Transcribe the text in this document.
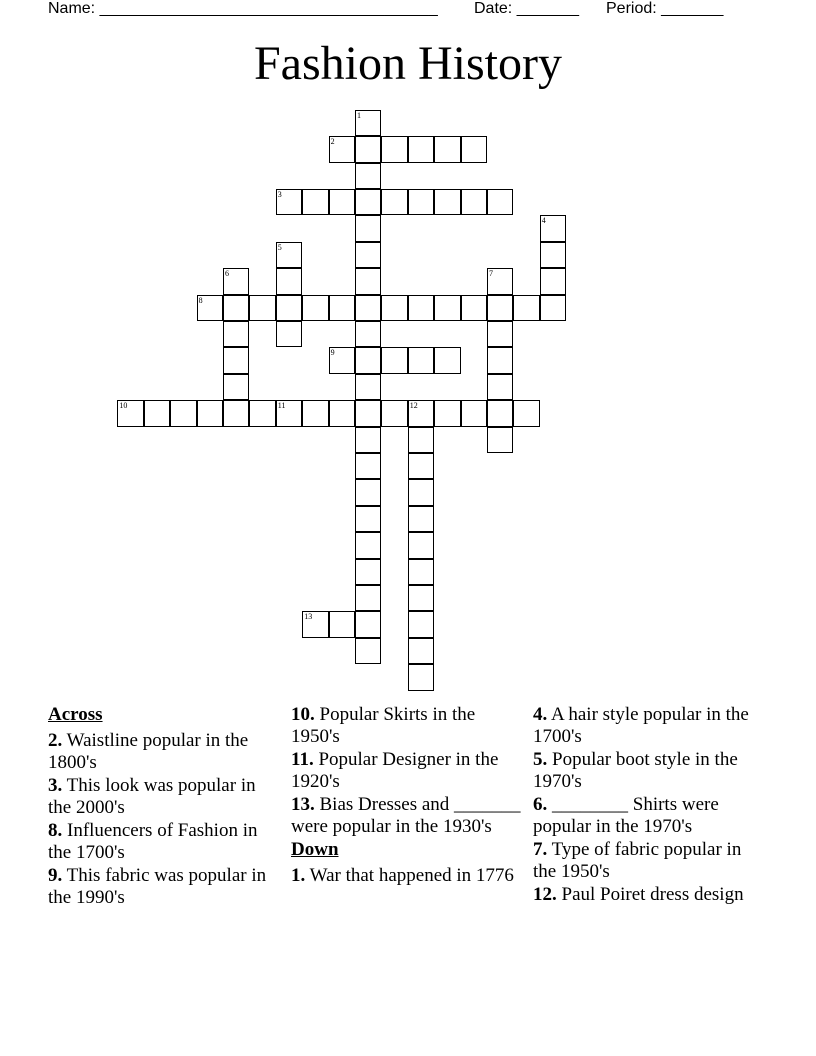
Name: ______________________________________ Date: _______ Period: _______
Fashion History
1
2
3
4
5
6	7
8
9
10	11	12
13
Across
2. Waistline popular in the 1800's
3. This look was popular in the 2000's
8. Influencers of Fashion in the 1700's
9. This fabric was popular in the 1990's
10. Popular Skirts in the 1950's
11. Popular Designer in the 1920's
13. Bias Dresses and _______ were popular in the 1930's
Down
1. War that happened in 1776
4. A hair style popular in the 1700's
5. Popular boot style in the 1970's
6. ________ Shirts were popular in the 1970's
7. Type of fabric popular in the 1950's
12. Paul Poiret dress design
